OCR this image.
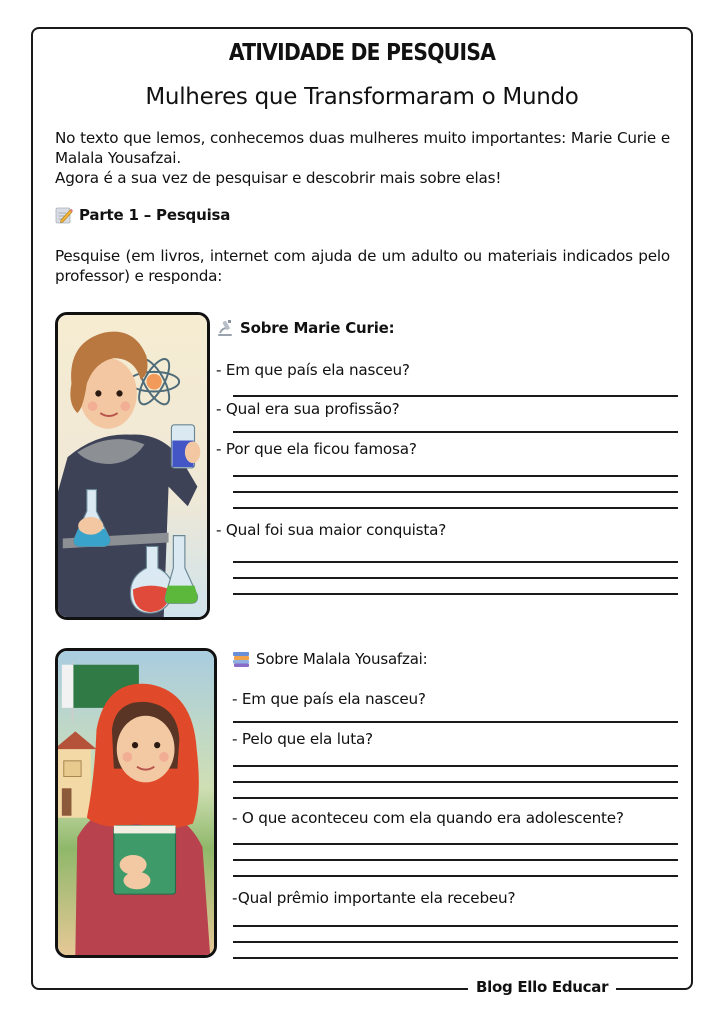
ATIVIDADE DE PESQUISA
Mulheres que Transformaram o Mundo

No texto que lemos, conhecemos duas mulheres muito importantes: Marie Curie e Malala Yousafzai.

Agora é a sua vez de pesquisar e descobrir mais sobre elas!

Parte 1 – Pesquisa
Pesquise (em livros, internet com ajuda de um adulto ou materiais indicados pelo professor) e responda:
Sobre Marie Curie:
- Em que país ela nasceu?
- Qual era sua profissão?
- Por que ela ficou famosa?
- Qual foi sua maior conquista?
Sobre Malala Yousafzai:
- Em que país ela nasceu?
- Pelo que ela luta?
- O que aconteceu com ela quando era adolescente?
-Qual prêmio importante ela recebeu?
Blog Ello Educar
